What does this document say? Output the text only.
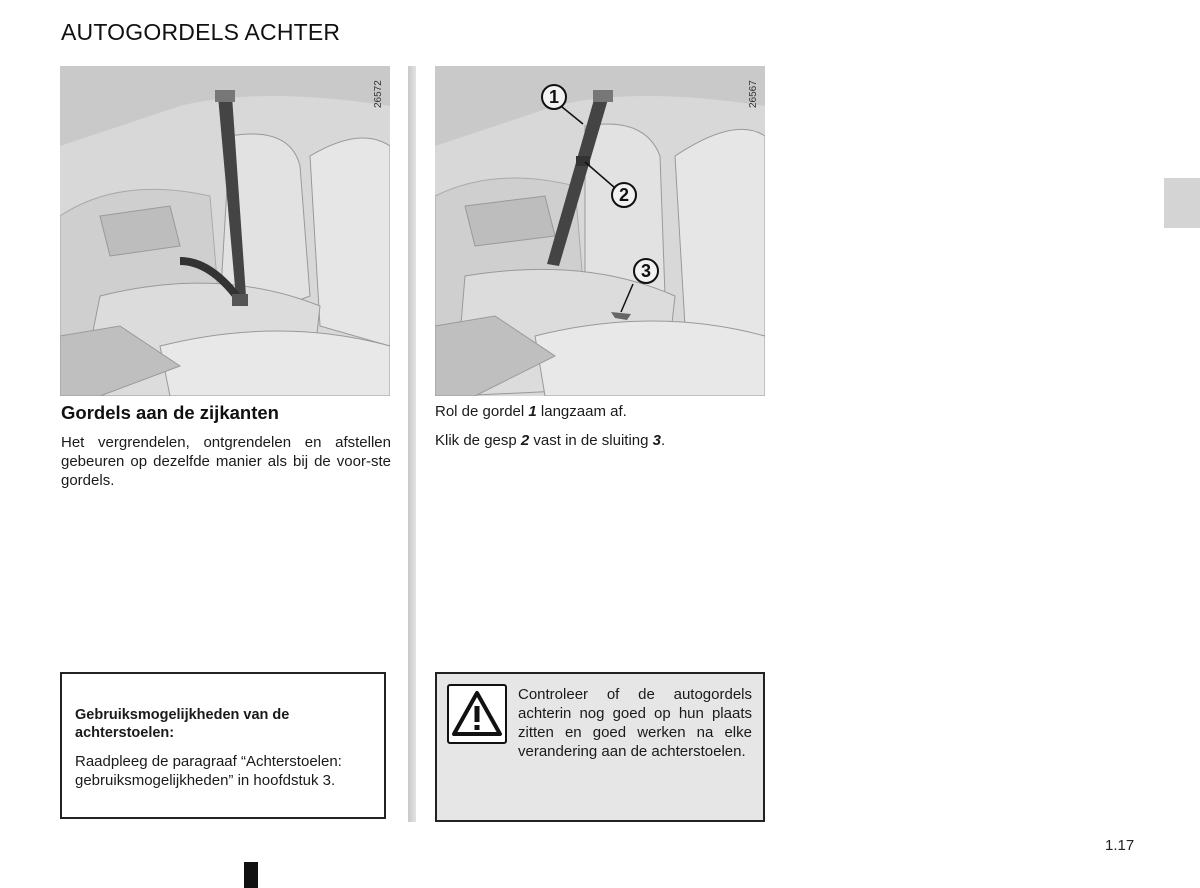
AUTOGORDELS ACHTER
26572	1
2
3
26567
Gordels aan de zijkanten
Het vergrendelen, ontgrendelen en afstellen gebeuren op dezelfde manier als bij de voor-ste gordels.
Rol de gordel 1 langzaam af.
Klik de gesp 2 vast in de sluiting 3.
Gebruiksmogelijkheden van de achterstoelen:
Raadpleeg de paragraaf “Achterstoelen: gebruiksmogelijkheden” in hoofdstuk 3.
Controleer of de autogordels achterin nog goed op hun plaats zitten en goed werken na elke verandering aan de achterstoelen.
1.17
